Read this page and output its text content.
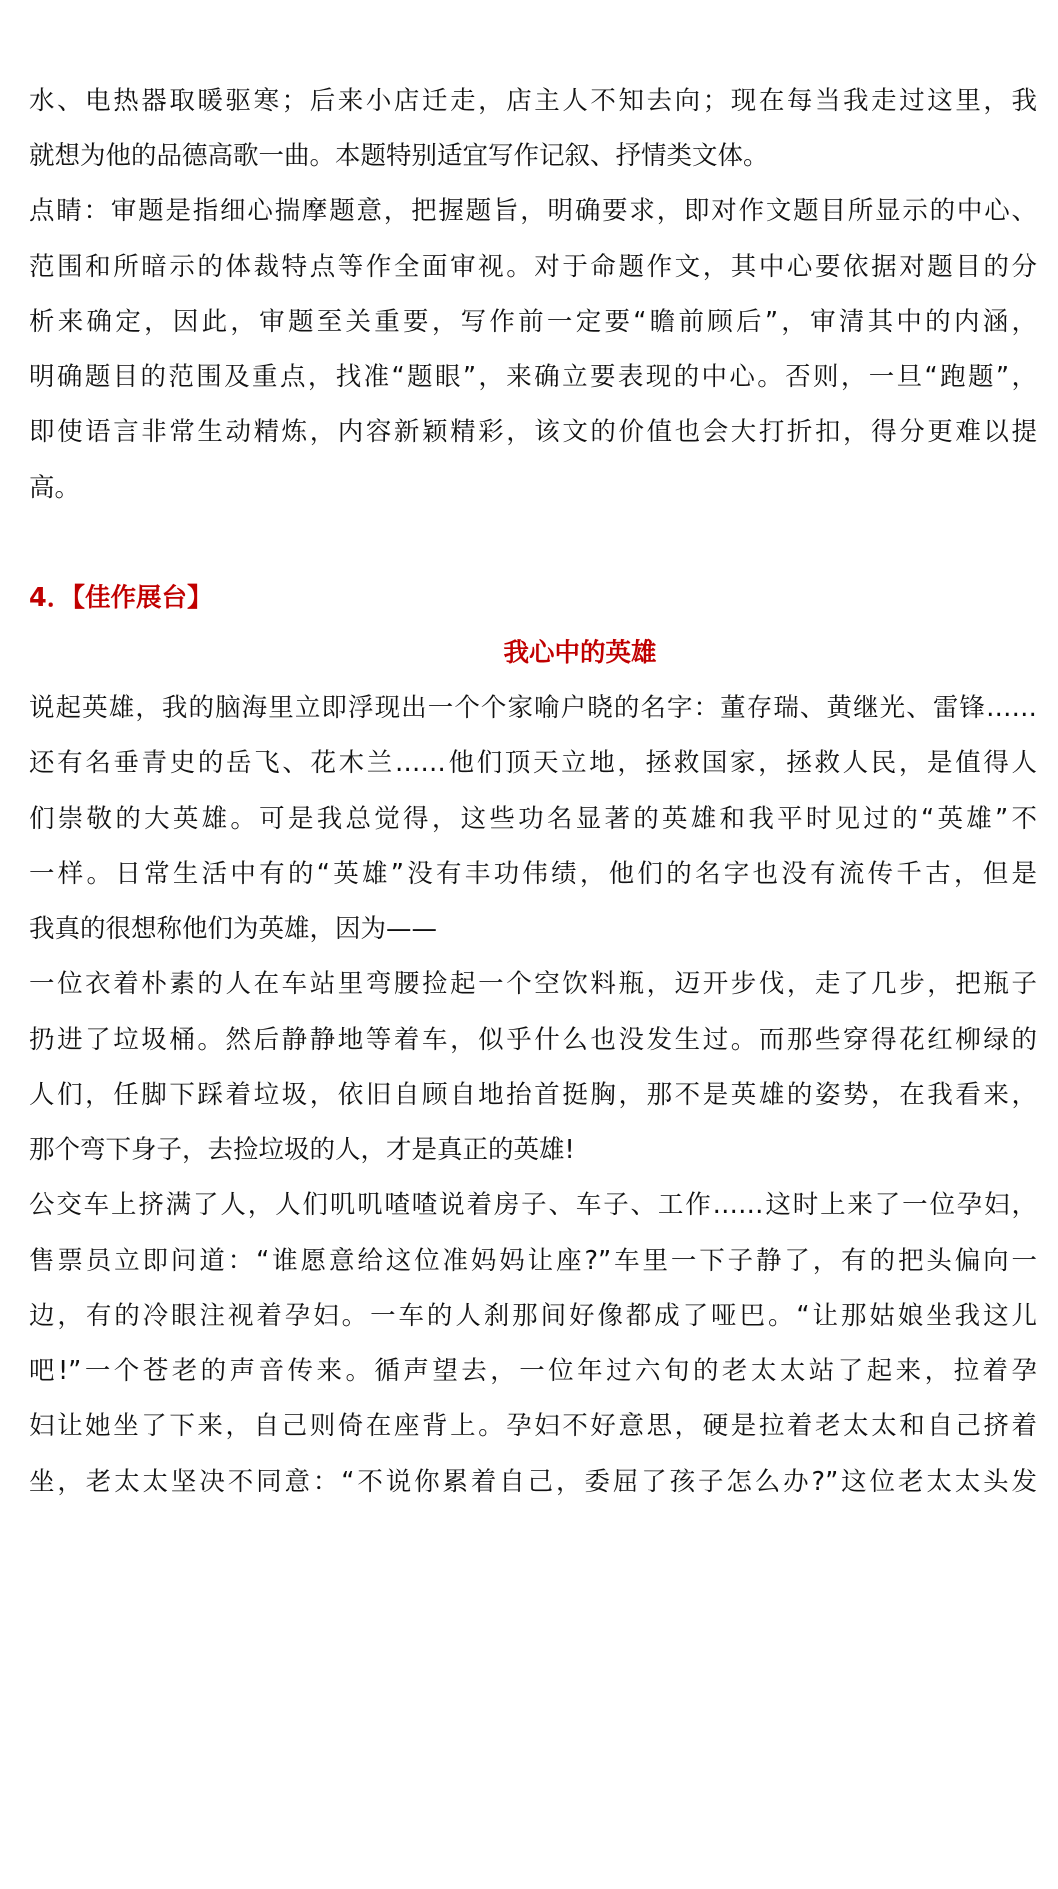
水、电热器取暖驱寒；后来小店迁走，店主人不知去向；现在每当我走过这里，我
就想为他的品德高歌一曲。本题特别适宜写作记叙、抒情类文体。
点睛：审题是指细心揣摩题意，把握题旨，明确要求，即对作文题目所显示的中心、
范围和所暗示的体裁特点等作全面审视。对于命题作文，其中心要依据对题目的分
析来确定，因此，审题至关重要，写作前一定要“瞻前顾后”，审清其中的内涵，
明确题目的范围及重点，找准“题眼”，来确立要表现的中心。否则，一旦“跑题”，
即使语言非常生动精炼，内容新颖精彩，该文的价值也会大打折扣，得分更难以提
高。
4．【佳作展台】
我心中的英雄
说起英雄，我的脑海里立即浮现出一个个家喻户晓的名字：董存瑞、黄继光、雷锋……
还有名垂青史的岳飞、花木兰……他们顶天立地，拯救国家，拯救人民，是值得人
们崇敬的大英雄。可是我总觉得，这些功名显著的英雄和我平时见过的“英雄”不
一样。日常生活中有的“英雄”没有丰功伟绩，他们的名字也没有流传千古，但是
我真的很想称他们为英雄，因为——
一位衣着朴素的人在车站里弯腰捡起一个空饮料瓶，迈开步伐，走了几步，把瓶子
扔进了垃圾桶。然后静静地等着车，似乎什么也没发生过。而那些穿得花红柳绿的
人们，任脚下踩着垃圾，依旧自顾自地抬首挺胸，那不是英雄的姿势，在我看来，
那个弯下身子，去捡垃圾的人，才是真正的英雄!
公交车上挤满了人，人们叽叽喳喳说着房子、车子、工作……这时上来了一位孕妇，
售票员立即问道：“谁愿意给这位准妈妈让座?”车里一下子静了，有的把头偏向一
边，有的冷眼注视着孕妇。一车的人刹那间好像都成了哑巴。“让那姑娘坐我这儿
吧!”一个苍老的声音传来。循声望去，一位年过六旬的老太太站了起来，拉着孕
妇让她坐了下来，自己则倚在座背上。孕妇不好意思，硬是拉着老太太和自己挤着
坐，老太太坚决不同意：“不说你累着自己，委屈了孩子怎么办?”这位老太太头发
